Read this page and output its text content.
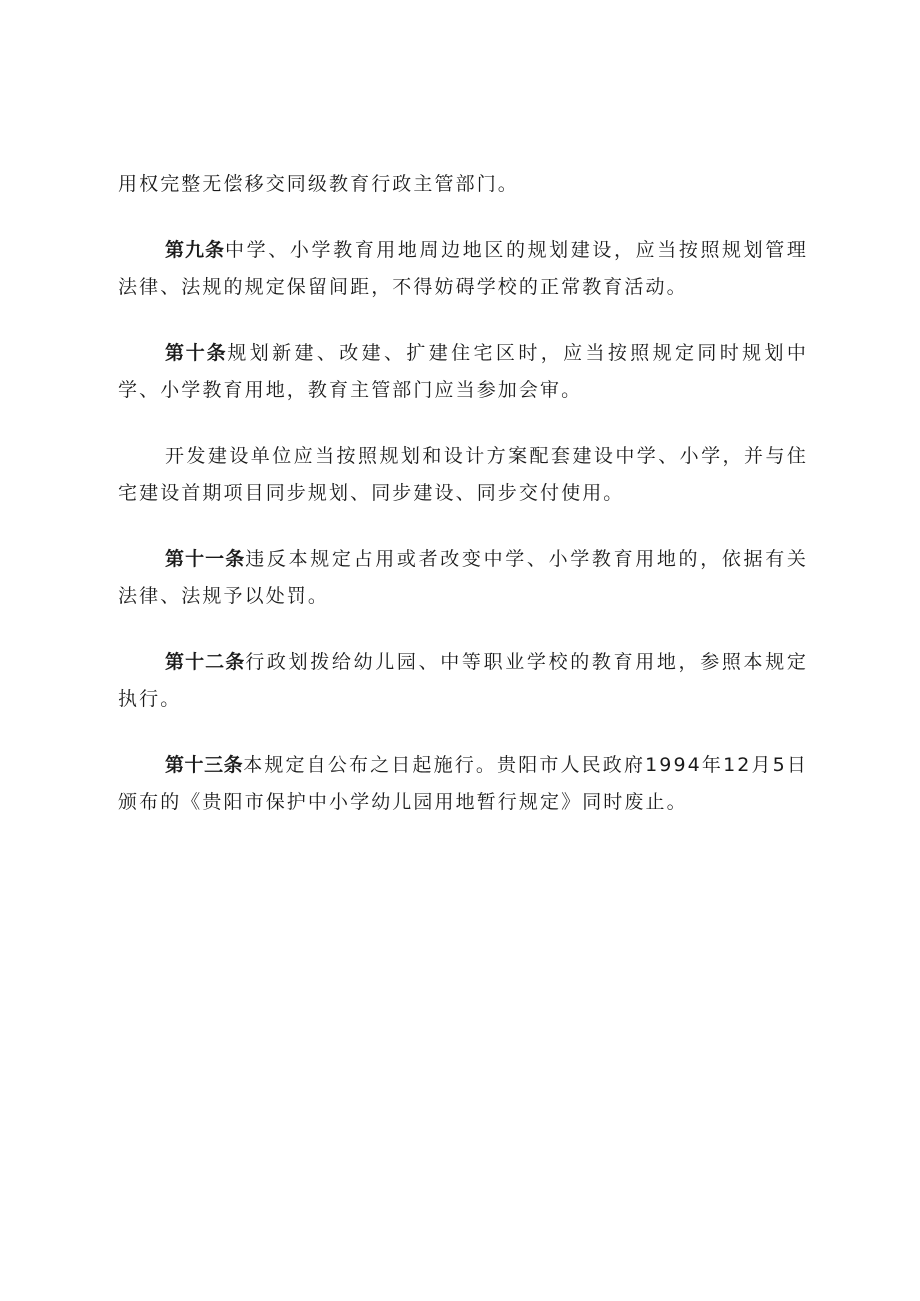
用权完整无偿移交同级教育行政主管部门。

第九条中学、小学教育用地周边地区的规划建设，应当按照规划管理法律、法规的规定保留间距，不得妨碍学校的正常教育活动。

第十条规划新建、改建、扩建住宅区时，应当按照规定同时规划中学、小学教育用地，教育主管部门应当参加会审。

开发建设单位应当按照规划和设计方案配套建设中学、小学，并与住宅建设首期项目同步规划、同步建设、同步交付使用。

第十一条违反本规定占用或者改变中学、小学教育用地的，依据有关法律、法规予以处罚。

第十二条行政划拨给幼儿园、中等职业学校的教育用地，参照本规定执行。

第十三条本规定自公布之日起施行。贵阳市人民政府1994年12月5日颁布的《贵阳市保护中小学幼儿园用地暂行规定》同时废止。
